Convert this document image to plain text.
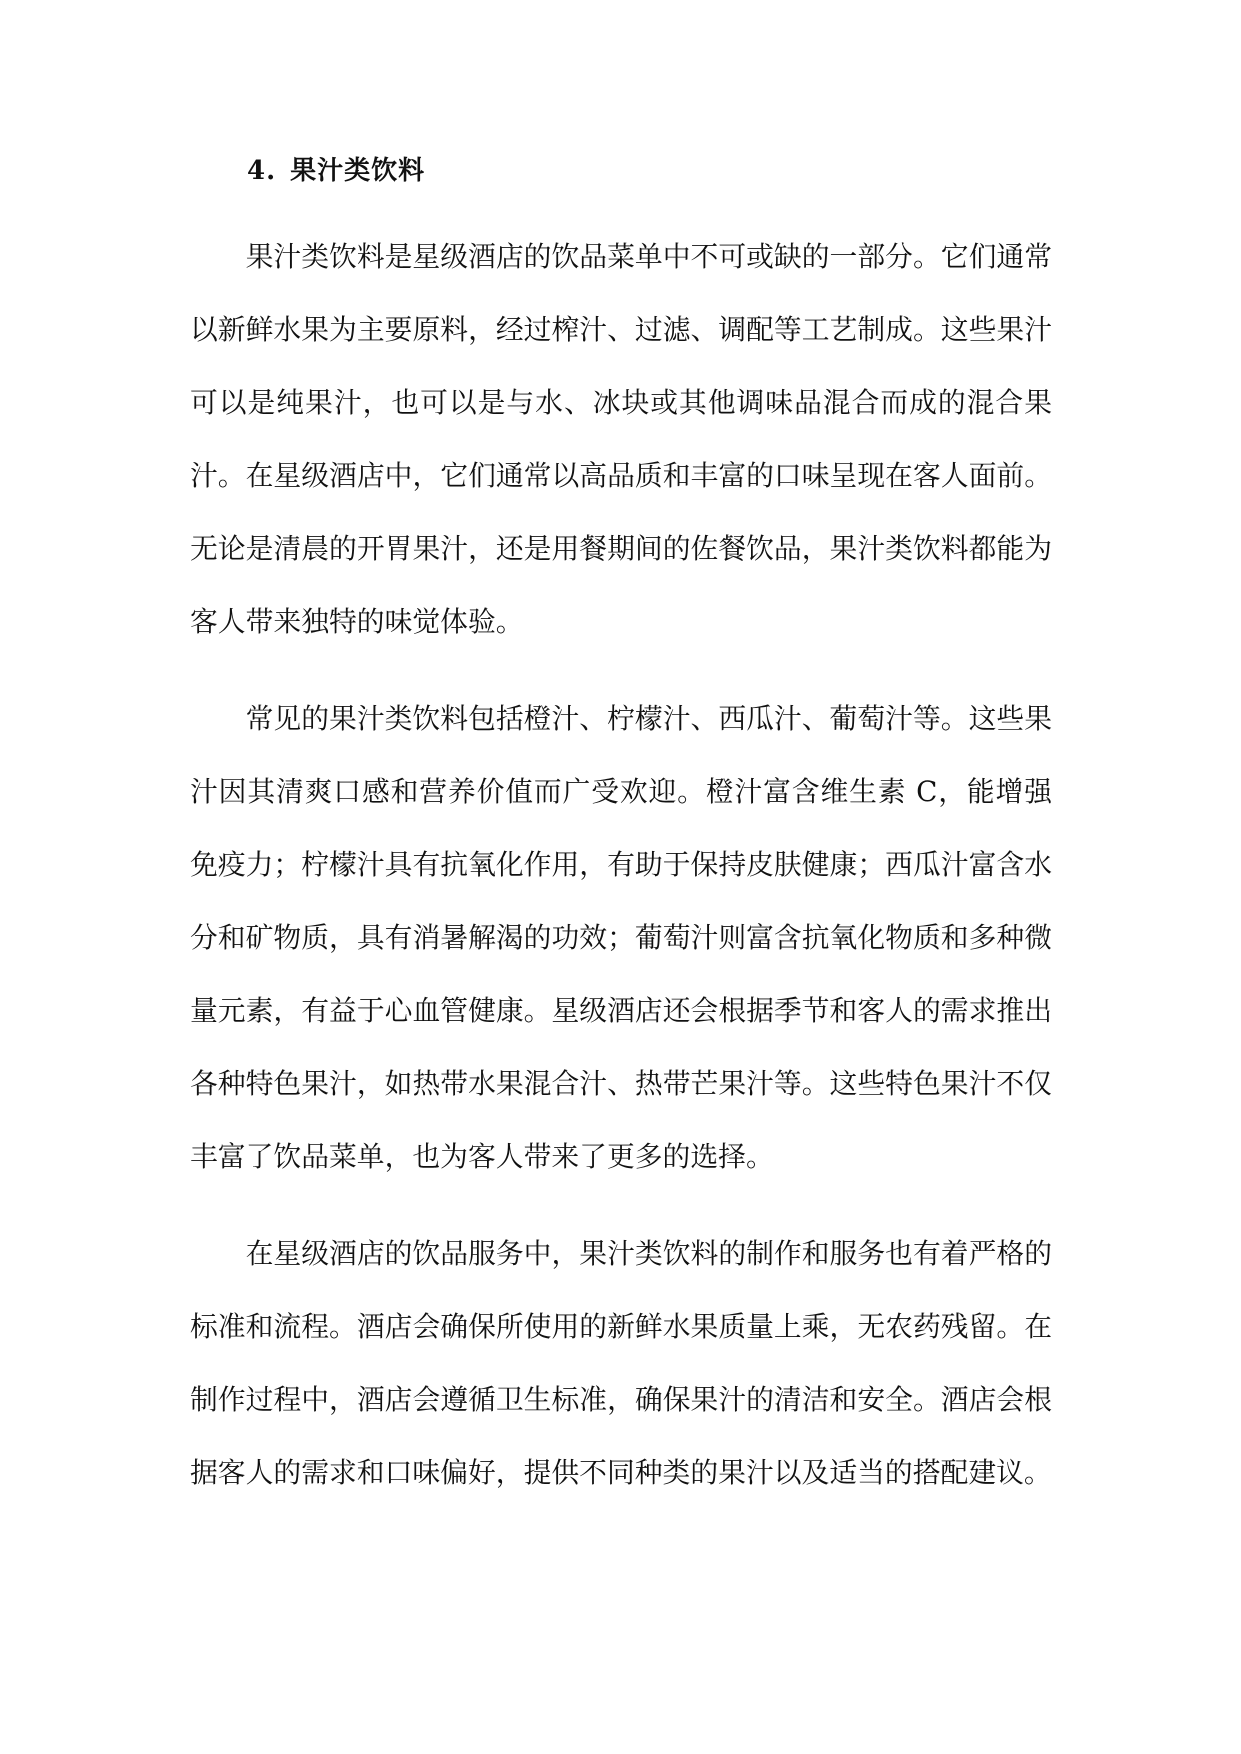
4. 果汁类饮料

果汁类饮料是星级酒店的饮品菜单中不可或缺的一部分。它们通常以新鲜水果为主要原料，经过榨汁、过滤、调配等工艺制成。这些果汁可以是纯果汁，也可以是与水、冰块或其他调味品混合而成的混合果汁。在星级酒店中，它们通常以高品质和丰富的口味呈现在客人面前。无论是清晨的开胃果汁，还是用餐期间的佐餐饮品，果汁类饮料都能为客人带来独特的味觉体验。

常见的果汁类饮料包括橙汁、柠檬汁、西瓜汁、葡萄汁等。这些果汁因其清爽口感和营养价值而广受欢迎。橙汁富含维生素 C，能增强免疫力；柠檬汁具有抗氧化作用，有助于保持皮肤健康；西瓜汁富含水分和矿物质，具有消暑解渴的功效；葡萄汁则富含抗氧化物质和多种微量元素，有益于心血管健康。星级酒店还会根据季节和客人的需求推出各种特色果汁，如热带水果混合汁、热带芒果汁等。这些特色果汁不仅丰富了饮品菜单，也为客人带来了更多的选择。

在星级酒店的饮品服务中，果汁类饮料的制作和服务也有着严格的标准和流程。酒店会确保所使用的新鲜水果质量上乘，无农药残留。在制作过程中，酒店会遵循卫生标准，确保果汁的清洁和安全。酒店会根据客人的需求和口味偏好，提供不同种类的果汁以及适当的搭配建议。
